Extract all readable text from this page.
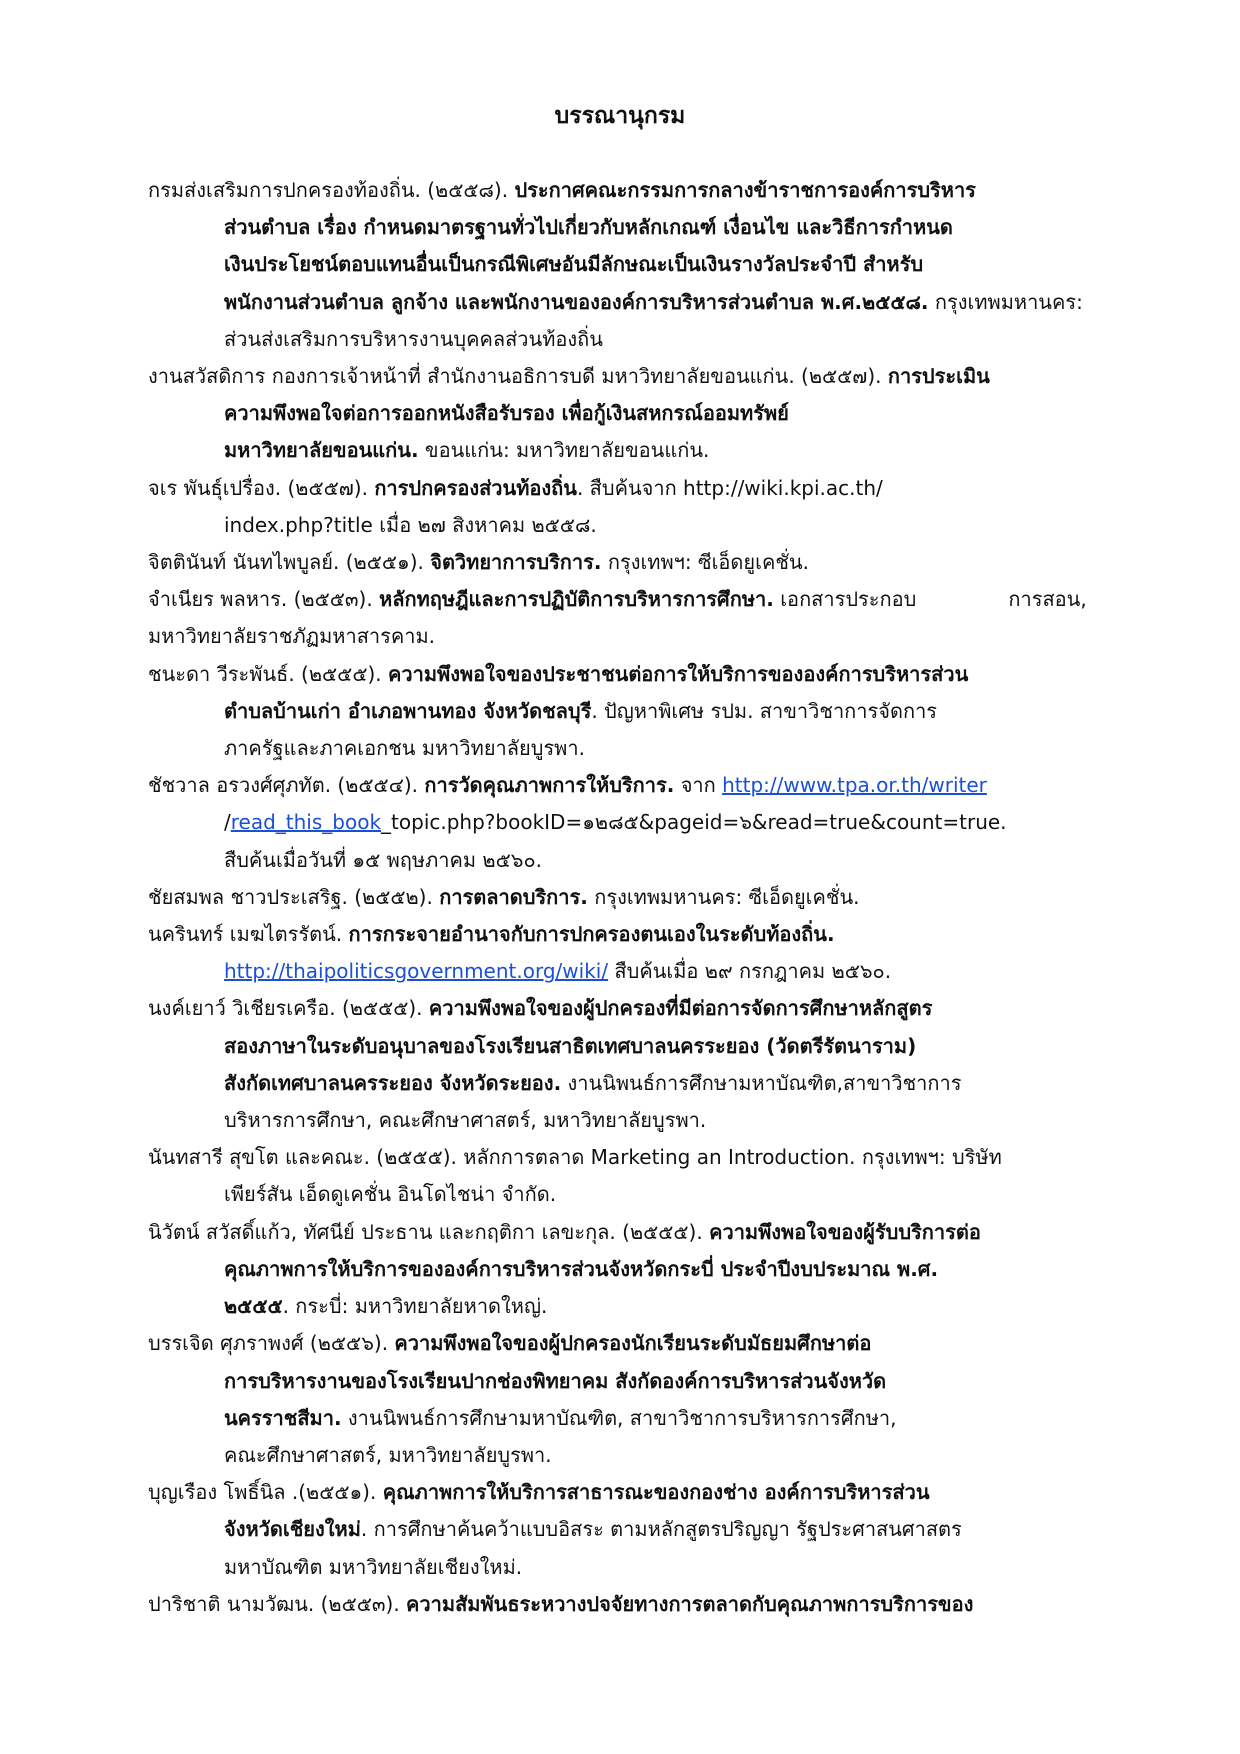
บรรณานุกรม
กรมส่งเสริมการปกครองท้องถิ่น. (๒๕๕๘). ประกาศคณะกรรมการกลางข้าราชการองค์การบริหาร
ส่วนตำบล เรื่อง กำหนดมาตรฐานทั่วไปเกี่ยวกับหลักเกณฑ์ เงื่อนไข และวิธีการกำหนด
เงินประโยชน์ตอบแทนอื่นเป็นกรณีพิเศษอันมีลักษณะเป็นเงินรางวัลประจำปี สำหรับ
พนักงานส่วนตำบล ลูกจ้าง และพนักงานขององค์การบริหารส่วนตำบล พ.ศ.๒๕๕๘. กรุงเทพมหานคร:
ส่วนส่งเสริมการบริหารงานบุคคลส่วนท้องถิ่น
งานสวัสดิการ กองการเจ้าหน้าที่ สำนักงานอธิการบดี มหาวิทยาลัยขอนแก่น. (๒๕๕๗). การประเมิน
ความพึงพอใจต่อการออกหนังสือรับรอง เพื่อกู้เงินสหกรณ์ออมทรัพย์
มหาวิทยาลัยขอนแก่น. ขอนแก่น: มหาวิทยาลัยขอนแก่น.
จเร พันธุ์เปรื่อง. (๒๕๕๗). การปกครองส่วนท้องถิ่น. สืบค้นจาก http://wiki.kpi.ac.th/
index.php?title เมื่อ ๒๗ สิงหาคม ๒๕๕๘.
จิตตินันท์ นันทไพบูลย์. (๒๕๕๑). จิตวิทยาการบริการ. กรุงเทพฯ: ซีเอ็ดยูเคชั่น.
จำเนียร พลหาร. (๒๕๕๓). หลักทฤษฎีและการปฏิบัติการบริหารการศึกษา. เอกสารประกอบ	การสอน,
มหาวิทยาลัยราชภัฏมหาสารคาม.
ชนะดา วีระพันธ์. (๒๕๕๕). ความพึงพอใจของประชาชนต่อการให้บริการขององค์การบริหารส่วน
ตำบลบ้านเก่า อำเภอพานทอง จังหวัดชลบุรี. ปัญหาพิเศษ รปม. สาขาวิชาการจัดการ
ภาครัฐและภาคเอกชน มหาวิทยาลัยบูรพา.
ชัชวาล อรวงศ์ศุภทัต. (๒๕๕๔). การวัดคุณภาพการให้บริการ. จาก http://www.tpa.or.th/writer
/read_this_book_topic.php?bookID=๑๒๘๕&pageid=๖&read=true&count=true.
สืบค้นเมื่อวันที่ ๑๕ พฤษภาคม ๒๕๖๐.
ชัยสมพล ชาวประเสริฐ. (๒๕๕๒). การตลาดบริการ. กรุงเทพมหานคร: ซีเอ็ดยูเคชั่น.
นครินทร์ เมฆไตรรัตน์. การกระจายอำนาจกับการปกครองตนเองในระดับท้องถิ่น.
http://thaipoliticsgovernment.org/wiki/ สืบค้นเมื่อ ๒๙ กรกฎาคม ๒๕๖๐.
นงค์เยาว์ วิเชียรเครือ. (๒๕๕๕). ความพึงพอใจของผู้ปกครองที่มีต่อการจัดการศึกษาหลักสูตร
สองภาษาในระดับอนุบาลของโรงเรียนสาธิตเทศบาลนครระยอง (วัดตรีรัตนาราม)
สังกัดเทศบาลนครระยอง จังหวัดระยอง. งานนิพนธ์การศึกษามหาบัณฑิต,สาขาวิชาการ
บริหารการศึกษา, คณะศึกษาศาสตร์, มหาวิทยาลัยบูรพา.
นันทสารี สุขโต และคณะ. (๒๕๕๕). หลักการตลาด Marketing an Introduction. กรุงเทพฯ: บริษัท
เพียร์สัน เอ็ดดูเคชั่น อินโดไชน่า จำกัด.
นิวัตน์ สวัสดิ์แก้ว, ทัศนีย์ ประธาน และกฤติกา เลขะกุล. (๒๕๕๕). ความพึงพอใจของผู้รับบริการต่อ
คุณภาพการให้บริการขององค์การบริหารส่วนจังหวัดกระบี่ ประจำปีงบประมาณ พ.ศ.
๒๕๕๕. กระบี่: มหาวิทยาลัยหาดใหญ่.
บรรเจิด ศุภราพงศ์ (๒๕๕๖). ความพึงพอใจของผู้ปกครองนักเรียนระดับมัธยมศึกษาต่อ
การบริหารงานของโรงเรียนปากช่องพิทยาคม สังกัดองค์การบริหารส่วนจังหวัด
นครราชสีมา. งานนิพนธ์การศึกษามหาบัณฑิต, สาขาวิชาการบริหารการศึกษา,
คณะศึกษาศาสตร์, มหาวิทยาลัยบูรพา.
บุญเรือง โพธิ์นิล .(๒๕๕๑). คุณภาพการให้บริการสาธารณะของกองช่าง องค์การบริหารส่วน
จังหวัดเชียงใหม่. การศึกษาค้นคว้าแบบอิสระ ตามหลักสูตรปริญญา รัฐประศาสนศาสตร
มหาบัณฑิต มหาวิทยาลัยเชียงใหม่.
ปาริชาติ นามวัฒน. (๒๕๕๓). ความสัมพันธระหวางปจจัยทางการตลาดกับคุณภาพการบริการของ
